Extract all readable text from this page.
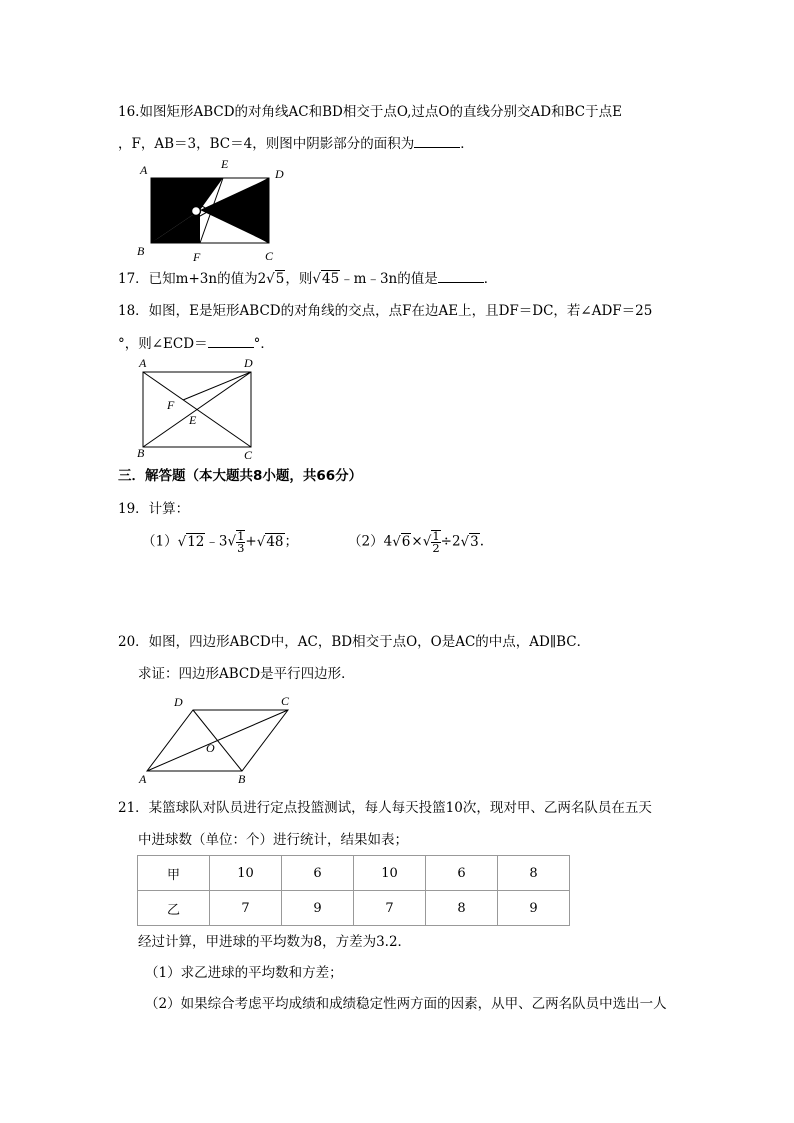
16.如图矩形ABCD的对角线AC和BD相交于点O,过点O的直线分别交AD和BC于点E
，F，AB＝3，BC＝4，则图中阴影部分的面积为	．
A	E
D
B	F	C
17．已知m+3n的值为2√5，则√45﹣m﹣3n的值是	．
18．如图，E是矩形ABCD的对角线的交点，点F在边AE上，且DF＝DC，若∠ADF＝25
°，则∠ECD＝	°．
A	D
F
E
B	C
三．解答题（本大题共8小题，共66分）
19．计算：
（1）√12﹣3√ $\frac{1}{3} +√48$；	$(2)4√6\times√ \frac{1}{2} \div 2√3$.
20．如图，四边形ABCD中，AC，BD相交于点O，O是AC的中点，AD∥BC．
求证：四边形ABCD是平行四边形．
D	C
O
A	B
21．某篮球队对队员进行定点投篮测试，每人每天投篮10次，现对甲、乙两名队员在五天
中进球数（单位：个）进行统计，结果如表；
甲	10	6	10	6	8
乙	7	9	7	8	9
经过计算，甲进球的平均数为8，方差为3.2．
（1）求乙进球的平均数和方差；
（2）如果综合考虑平均成绩和成绩稳定性两方面的因素，从甲、乙两名队员中选出一人
